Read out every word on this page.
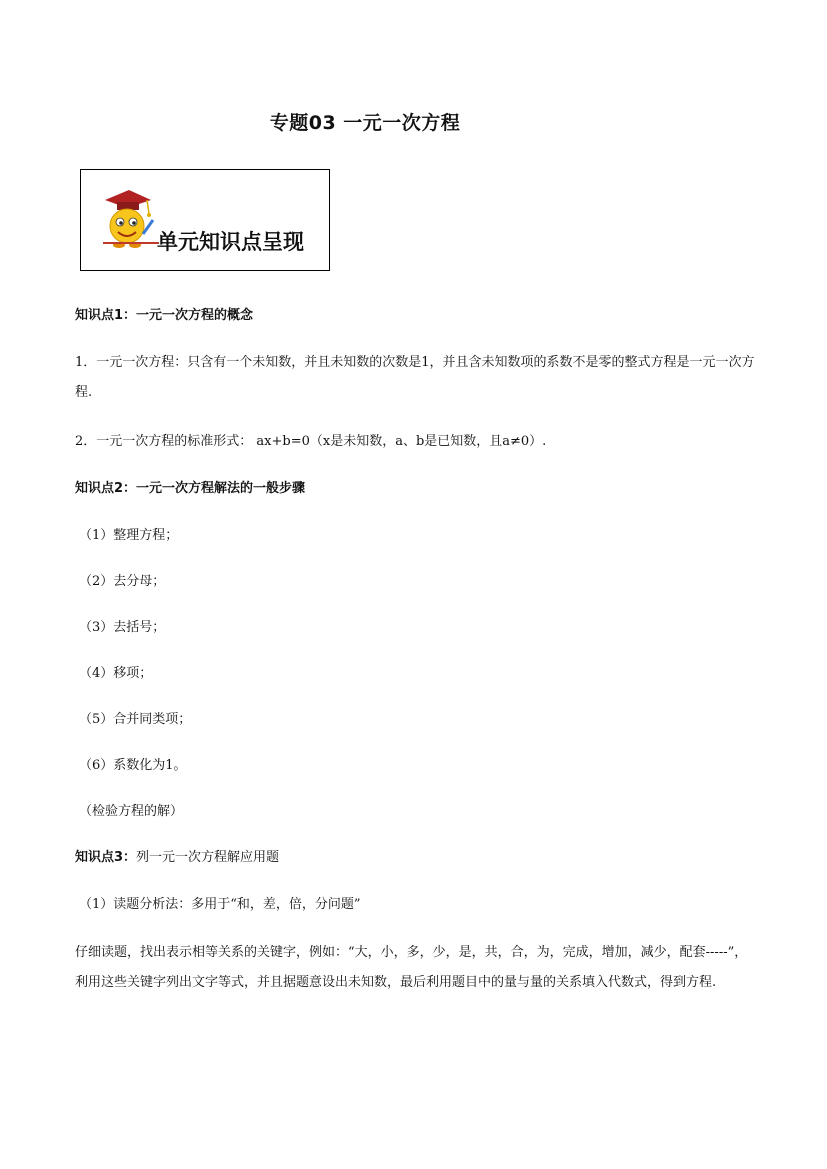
专题03 一元一次方程
单元知识点呈现
知识点1：一元一次方程的概念
1．一元一次方程：只含有一个未知数，并且未知数的次数是1，并且含未知数项的系数不是零的整式方程是一元一次方程.
2．一元一次方程的标准形式： ax+b=0（x是未知数，a、b是已知数，且a≠0）.
知识点2：一元一次方程解法的一般步骤
（1）整理方程；
（2）去分母；
（3）去括号；
（4）移项；
（5）合并同类项；
（6）系数化为1。
（检验方程的解）
知识点3：列一元一次方程解应用题
（1）读题分析法：多用于“和，差，倍，分问题”
仔细读题，找出表示相等关系的关键字，例如：“大，小，多，少，是，共，合，为，完成，增加，减少，配套-----”，利用这些关键字列出文字等式，并且据题意设出未知数，最后利用题目中的量与量的关系填入代数式，得到方程.
